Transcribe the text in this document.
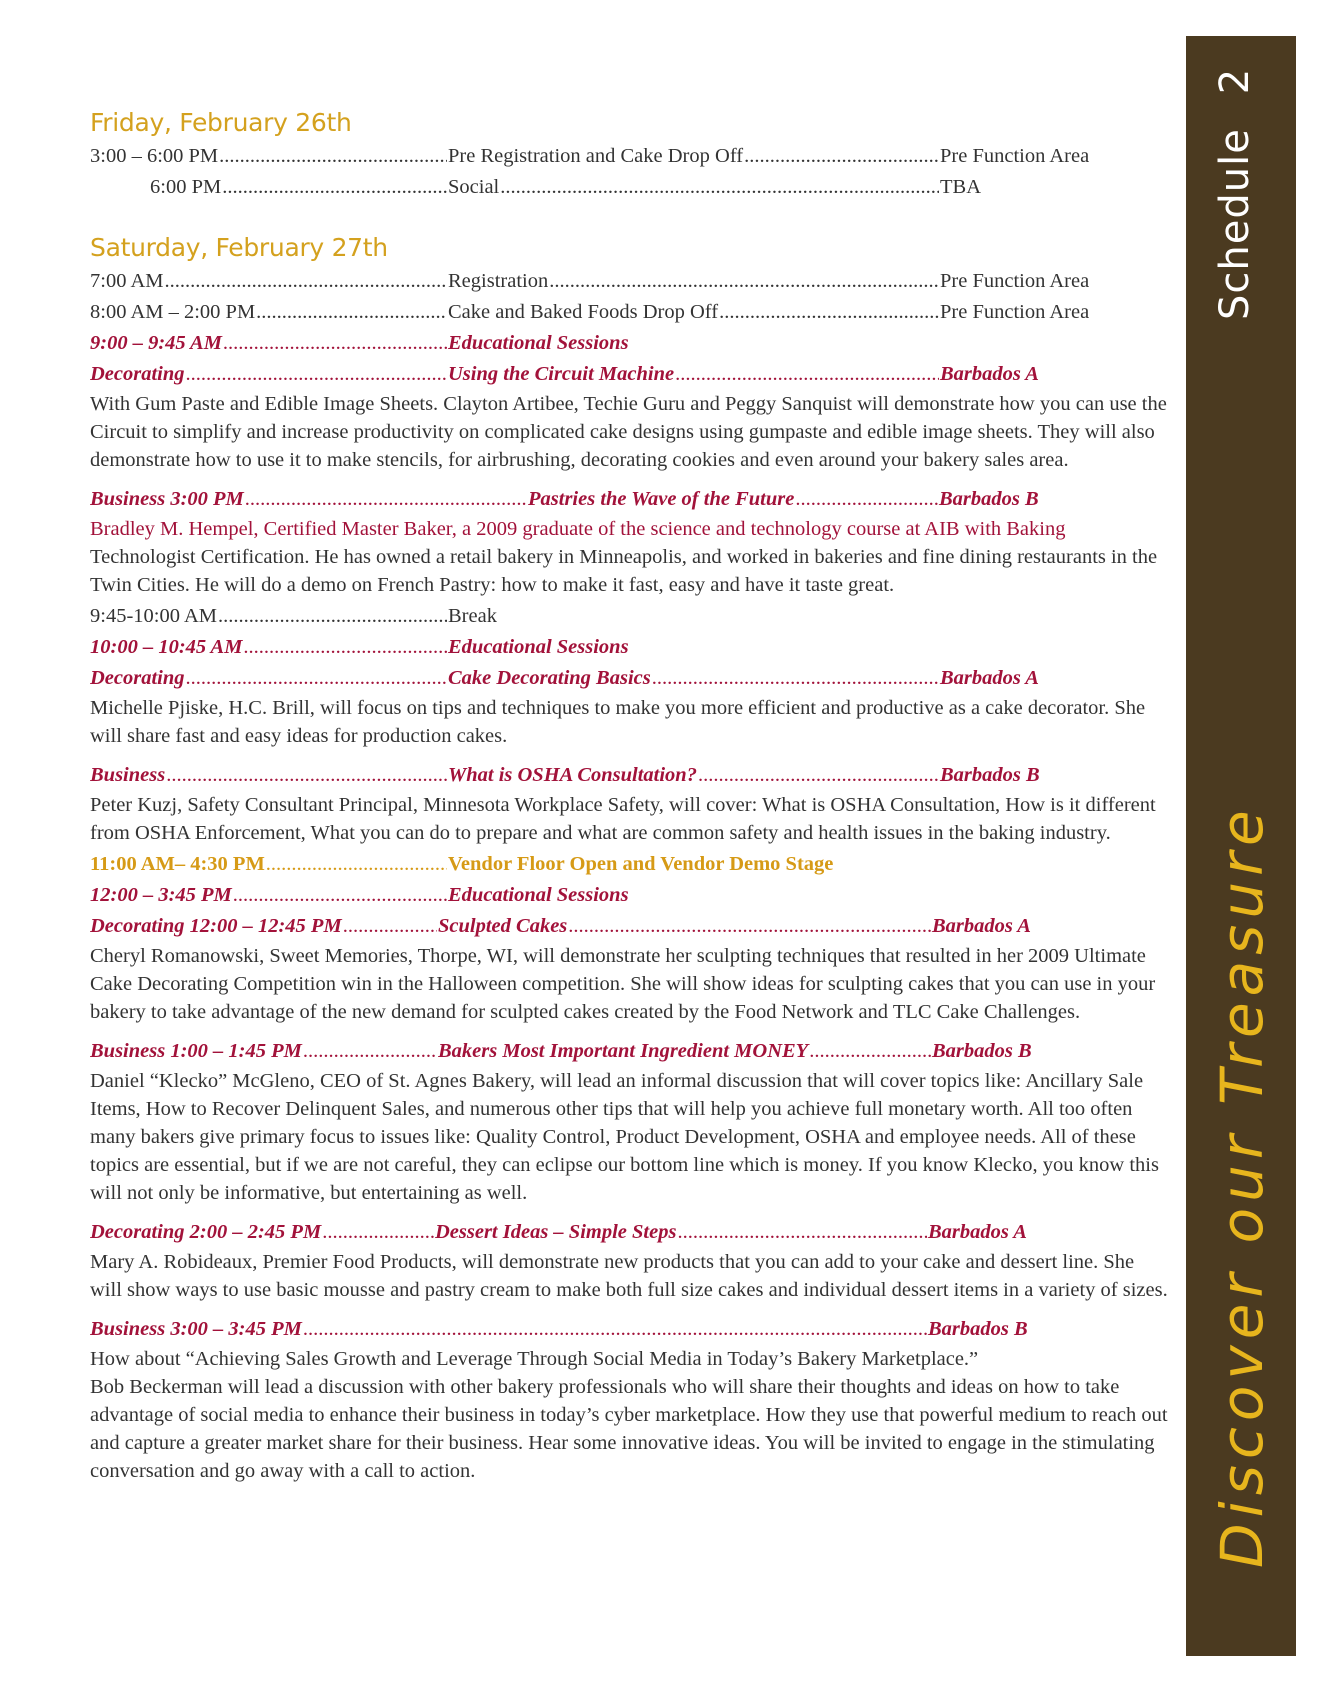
Schedule2
Discover our Treasure
Friday, February 26th
3:00 – 6:00 PM .....	Pre Registration and Cake Drop Off .....	Pre Function Area
6:00 PM .....	Social .....	TBA
Saturday, February 27th
7:00 AM .....	Registration .....	Pre Function Area
8:00 AM – 2:00 PM .....	Cake and Baked Foods Drop Off .....	Pre Function Area
9:00 – 9:45 AM .....	Educational Sessions
Decorating .....	Using the Circuit Machine .....	Barbados A

With Gum Paste and Edible Image Sheets. Clayton Artibee, Techie Guru and Peggy Sanquist will demonstrate how you can use the Circuit to simplify and increase productivity on complicated cake designs using gumpaste and edible image sheets. They will also demonstrate how to use it to make stencils, for airbrushing, decorating cookies and even around your bakery sales area.

Business 3:00 PM .....	Pastries the Wave of the Future .....	Barbados B

Bradley M. Hempel, Certified Master Baker, a 2009 graduate of the science and technology course at AIB with Baking

Technologist Certification. He has owned a retail bakery in Minneapolis, and worked in bakeries and fine dining restaurants in the Twin Cities. He will do a demo on French Pastry: how to make it fast, easy and have it taste great.

9:45-10:00 AM .....	Break
10:00 – 10:45 AM .....	Educational Sessions
Decorating .....	Cake Decorating Basics .....	Barbados A

Michelle Pjiske, H.C. Brill, will focus on tips and techniques to make you more efficient and productive as a cake decorator. She will share fast and easy ideas for production cakes.

Business .....	What is OSHA Consultation? .....	Barbados B

Peter Kuzj, Safety Consultant Principal, Minnesota Workplace Safety, will cover: What is OSHA Consultation, How is it different from OSHA Enforcement, What you can do to prepare and what are common safety and health issues in the baking industry.

11:00 AM– 4:30 PM .....	Vendor Floor Open and Vendor Demo Stage
12:00 – 3:45 PM .....	Educational Sessions
Decorating 12:00 – 12:45 PM .....	Sculpted Cakes .....	Barbados A

Cheryl Romanowski, Sweet Memories, Thorpe, WI, will demonstrate her sculpting techniques that resulted in her 2009 Ultimate Cake Decorating Competition win in the Halloween competition. She will show ideas for sculpting cakes that you can use in your bakery to take advantage of the new demand for sculpted cakes created by the Food Network and TLC Cake Challenges.

Business 1:00 – 1:45 PM .....	Bakers Most Important Ingredient MONEY .....	Barbados B

Daniel “Klecko” McGleno, CEO of St. Agnes Bakery, will lead an informal discussion that will cover topics like: Ancillary Sale Items, How to Recover Delinquent Sales, and numerous other tips that will help you achieve full monetary worth. All too often many bakers give primary focus to issues like: Quality Control, Product Development, OSHA and employee needs. All of these topics are essential, but if we are not careful, they can eclipse our bottom line which is money. If you know Klecko, you know this will not only be informative, but entertaining as well.

Decorating 2:00 – 2:45 PM .....	Dessert Ideas – Simple Steps .....	Barbados A

Mary A. Robideaux, Premier Food Products, will demonstrate new products that you can add to your cake and dessert line. She will show ways to use basic mousse and pastry cream to make both full size cakes and individual dessert items in a variety of sizes.

Business 3:00 – 3:45 PM .....	Barbados B

How about “Achieving Sales Growth and Leverage Through Social Media in Today’s Bakery Marketplace.”

Bob Beckerman will lead a discussion with other bakery professionals who will share their thoughts and ideas on how to take advantage of social media to enhance their business in today’s cyber marketplace. How they use that powerful medium to reach out and capture a greater market share for their business. Hear some innovative ideas. You will be invited to engage in the stimulating conversation and go away with a call to action.
